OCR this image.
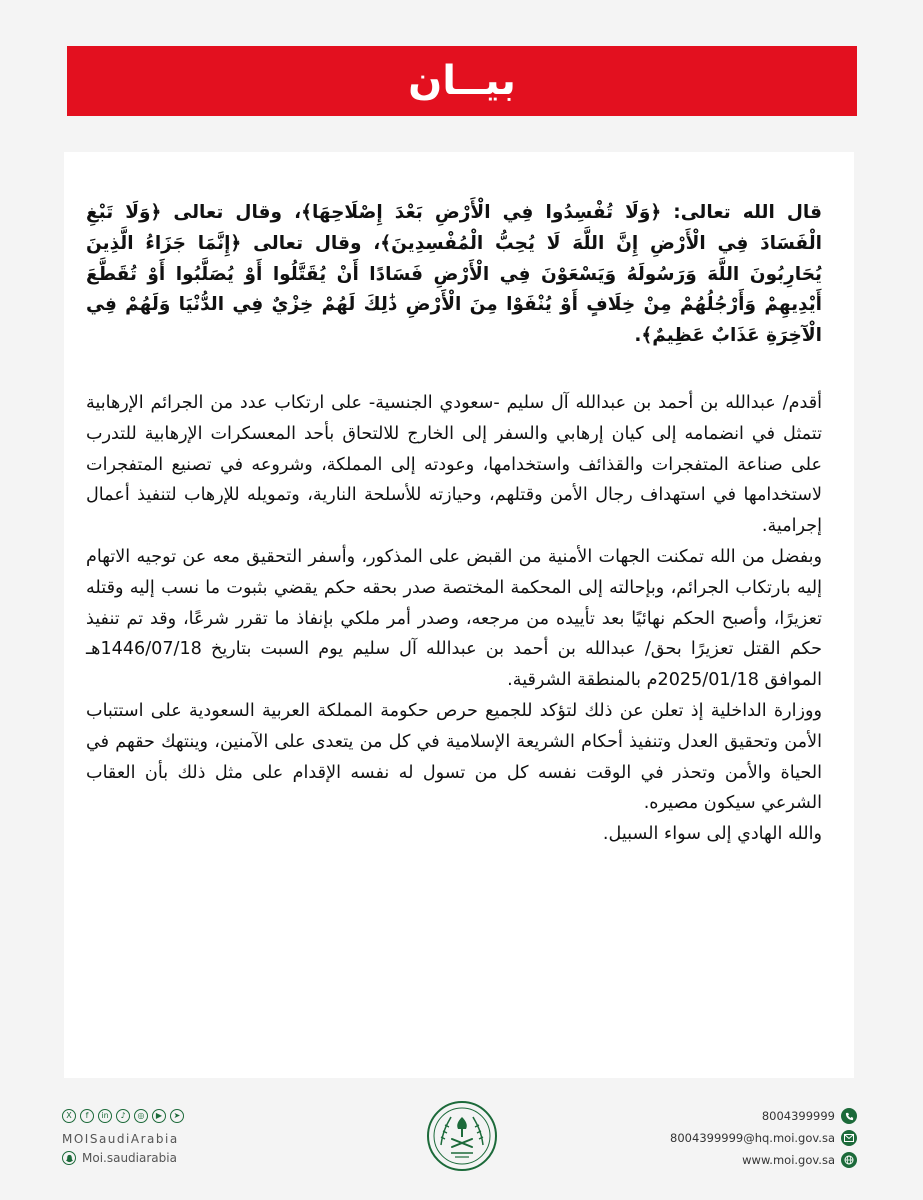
بيــان

قال الله تعالى: ﴿وَلَا تُفْسِدُوا فِي الْأَرْضِ بَعْدَ إِصْلَاحِهَا﴾، وقال تعالى ﴿وَلَا تَبْغِ الْفَسَادَ فِي الْأَرْضِ إِنَّ اللَّهَ لَا يُحِبُّ الْمُفْسِدِينَ﴾، وقال تعالى ﴿إِنَّمَا جَزَاءُ الَّذِينَ يُحَارِبُونَ اللَّهَ وَرَسُولَهُ وَيَسْعَوْنَ فِي الْأَرْضِ فَسَادًا أَنْ يُقَتَّلُوا أَوْ يُصَلَّبُوا أَوْ تُقَطَّعَ أَيْدِيهِمْ وَأَرْجُلُهُمْ مِنْ خِلَافٍ أَوْ يُنْفَوْا مِنَ الْأَرْضِ ذَٰلِكَ لَهُمْ خِزْيٌ فِي الدُّنْيَا وَلَهُمْ فِي الْآخِرَةِ عَذَابٌ عَظِيمٌ﴾.

أقدم/ عبدالله بن أحمد بن عبدالله آل سليم -سعودي الجنسية- على ارتكاب عدد من الجرائم الإرهابية تتمثل في انضمامه إلى كيان إرهابي والسفر إلى الخارج للالتحاق بأحد المعسكرات الإرهابية للتدرب على صناعة المتفجرات والقذائف واستخدامها، وعودته إلى المملكة، وشروعه في تصنيع المتفجرات لاستخدامها في استهداف رجال الأمن وقتلهم، وحيازته للأسلحة النارية، وتمويله للإرهاب لتنفيذ أعمال إجرامية.

وبفضل من الله تمكنت الجهات الأمنية من القبض على المذكور، وأسفر التحقيق معه عن توجيه الاتهام إليه بارتكاب الجرائم، وبإحالته إلى المحكمة المختصة صدر بحقه حكم يقضي بثبوت ما نسب إليه وقتله تعزيرًا، وأصبح الحكم نهائيًا بعد تأييده من مرجعه، وصدر أمر ملكي بإنفاذ ما تقرر شرعًا، وقد تم تنفيذ حكم القتل تعزيرًا بحق/ عبدالله بن أحمد بن عبدالله آل سليم يوم السبت بتاريخ 1446/07/18هـ الموافق 2025/01/18م بالمنطقة الشرقية.

ووزارة الداخلية إذ تعلن عن ذلك لتؤكد للجميع حرص حكومة المملكة العربية السعودية على استتباب الأمن وتحقيق العدل وتنفيذ أحكام الشريعة الإسلامية في كل من يتعدى على الآمنين، وينتهك حقهم في الحياة والأمن وتحذر في الوقت نفسه كل من تسول له نفسه الإقدام على مثل ذلك بأن العقاب الشرعي سيكون مصيره.

والله الهادي إلى سواء السبيل.

X	f	in	♪	◎	▶	➤
MOISaudiArabia
Moi.saudiarabia
8004399999
8004399999@hq.moi.gov.sa
www.moi.gov.sa
